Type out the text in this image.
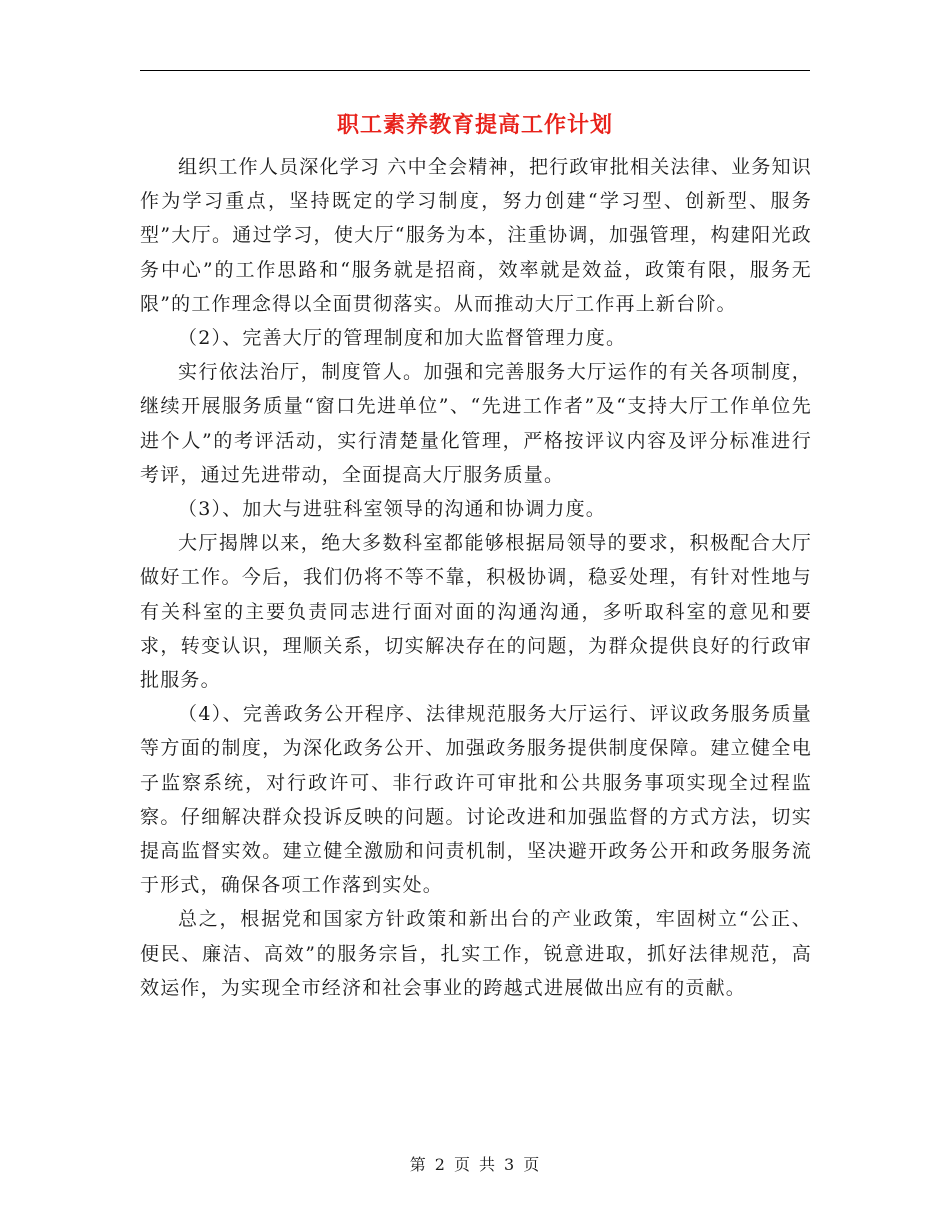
职工素养教育提高工作计划

组织工作人员深化学习 六中全会精神，把行政审批相关法律、业务知识作为学习重点，坚持既定的学习制度，努力创建“学习型、创新型、服务型”大厅。通过学习，使大厅“服务为本，注重协调，加强管理，构建阳光政务中心”的工作思路和“服务就是招商，效率就是效益，政策有限，服务无限”的工作理念得以全面贯彻落实。从而推动大厅工作再上新台阶。

（2）、完善大厅的管理制度和加大监督管理力度。

实行依法治厅，制度管人。加强和完善服务大厅运作的有关各项制度，继续开展服务质量“窗口先进单位”、“先进工作者”及“支持大厅工作单位先进个人”的考评活动，实行清楚量化管理，严格按评议内容及评分标准进行考评，通过先进带动，全面提高大厅服务质量。

（3）、加大与进驻科室领导的沟通和协调力度。

大厅揭牌以来，绝大多数科室都能够根据局领导的要求，积极配合大厅做好工作。今后，我们仍将不等不靠，积极协调，稳妥处理，有针对性地与有关科室的主要负责同志进行面对面的沟通沟通，多听取科室的意见和要求，转变认识，理顺关系，切实解决存在的问题，为群众提供良好的行政审批服务。

（4）、完善政务公开程序、法律规范服务大厅运行、评议政务服务质量等方面的制度，为深化政务公开、加强政务服务提供制度保障。建立健全电子监察系统，对行政许可、非行政许可审批和公共服务事项实现全过程监察。仔细解决群众投诉反映的问题。讨论改进和加强监督的方式方法，切实提高监督实效。建立健全激励和问责机制，坚决避开政务公开和政务服务流于形式，确保各项工作落到实处。

总之，根据党和国家方针政策和新出台的产业政策，牢固树立“公正、便民、廉洁、高效”的服务宗旨，扎实工作，锐意进取，抓好法律规范，高效运作，为实现全市经济和社会事业的跨越式进展做出应有的贡献。

第 2 页 共 3 页
